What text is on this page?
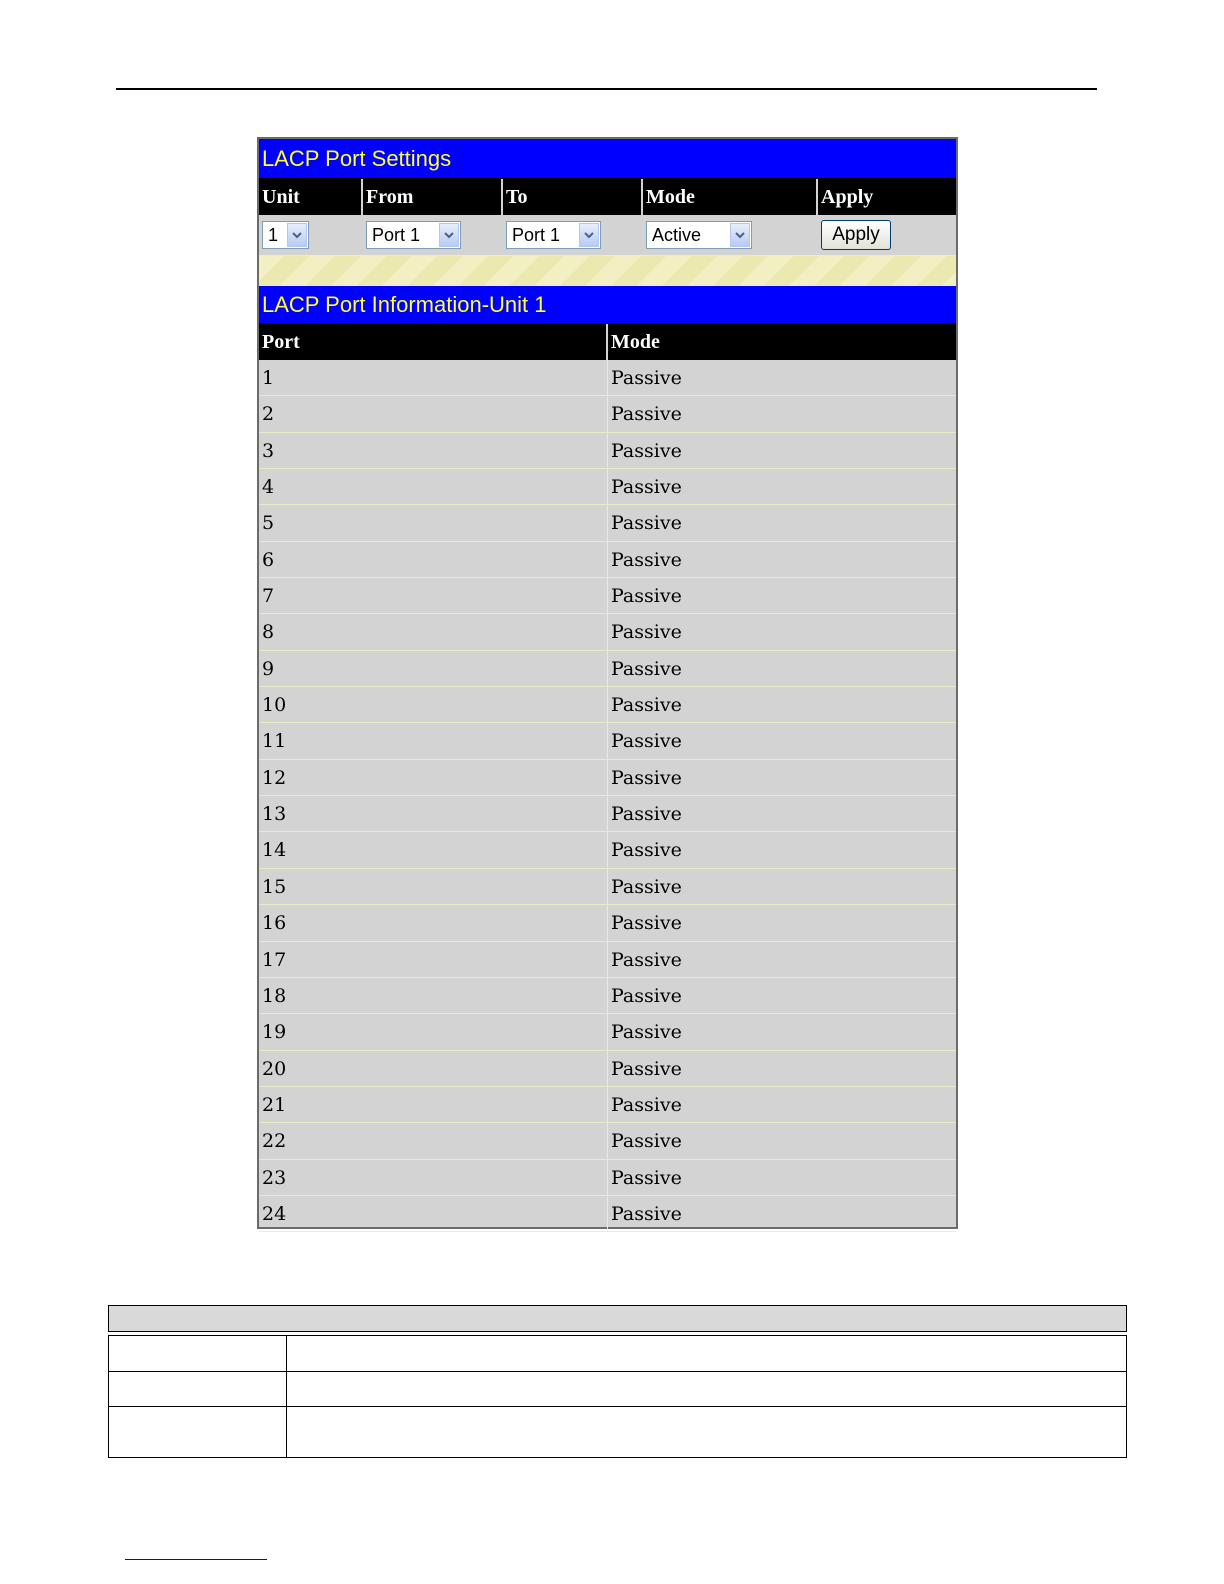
LACP Port Settings
Unit	From	To	Mode	Apply
1	Port 1	Port 1	Active	Apply
LACP Port Information-Unit 1
Port	Mode
1	Passive
2	Passive
3	Passive
4	Passive
5	Passive
6	Passive
7	Passive
8	Passive
9	Passive
10	Passive
11	Passive
12	Passive
13	Passive
14	Passive
15	Passive
16	Passive
17	Passive
18	Passive
19	Passive
20	Passive
21	Passive
22	Passive
23	Passive
24	Passive
